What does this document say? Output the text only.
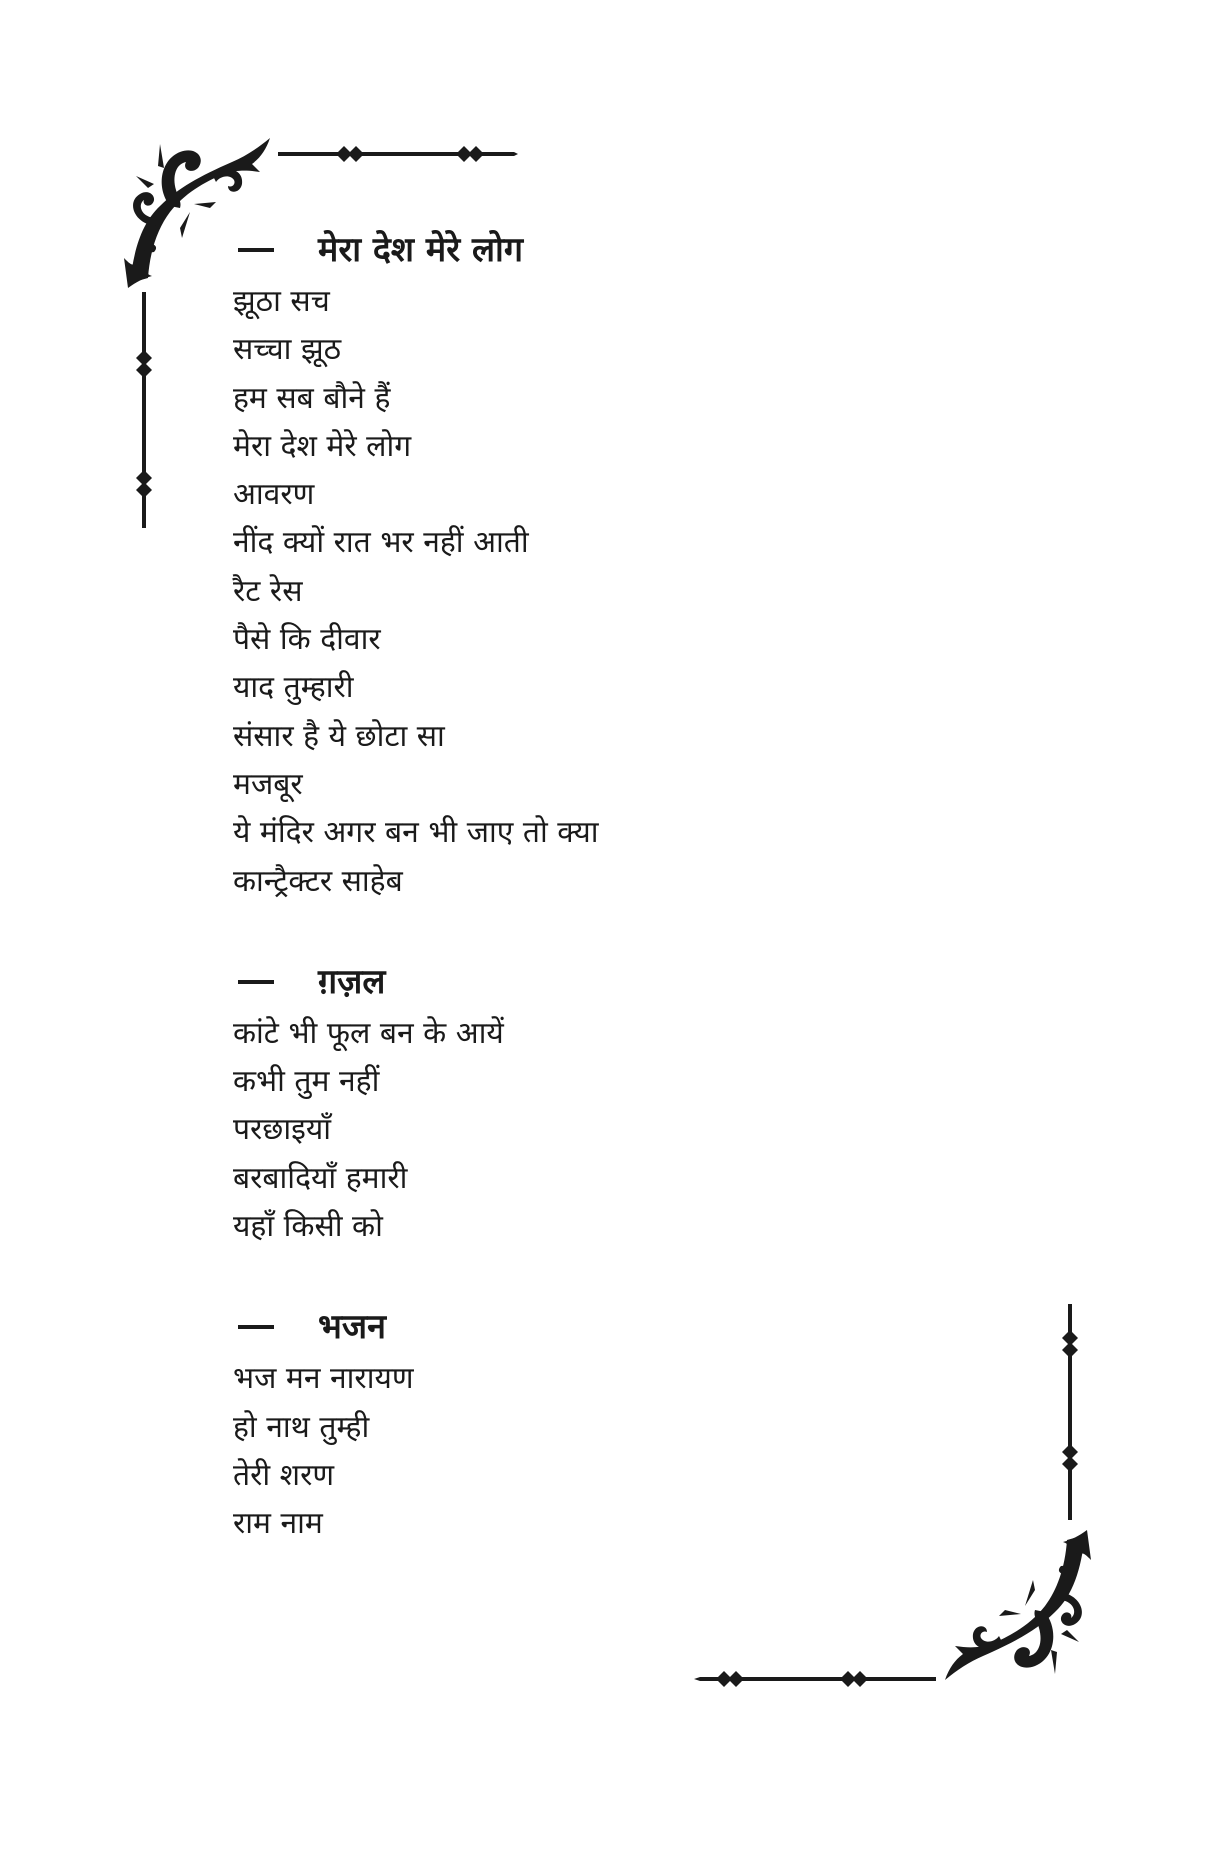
मेरा देश मेरे लोग
झूठा सच
सच्चा झूठ
हम सब बौने हैं
मेरा देश मेरे लोग
आवरण
नींद क्यों रात भर नहीं आती
रैट रेस
पैसे कि दीवार
याद तुम्हारी
संसार है ये छोटा सा
मजबूर
ये मंदिर अगर बन भी जाए तो क्या
कान्ट्रैक्टर साहेब
ग़ज़ल
कांटे भी फूल बन के आयें
कभी तुम नहीं
परछाइयाँ
बरबादियाँ हमारी
यहाँ किसी को
भजन
भज मन नारायण
हो नाथ तुम्ही
तेरी शरण
राम नाम
